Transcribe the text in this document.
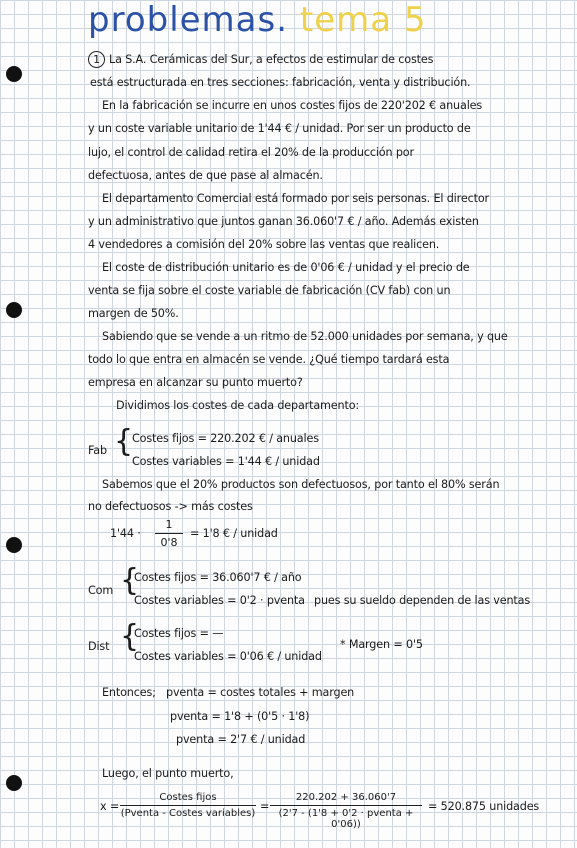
problemas. tema 5
1 La S.A. Cerámicas del Sur, a efectos de estimular de costes
está estructurada en tres secciones: fabricación, venta y distribución.
En la fabricación se incurre en unos costes fijos de 220'202 € anuales
y un coste variable unitario de 1'44 € / unidad. Por ser un producto de
lujo, el control de calidad retira el 20% de la producción por
defectuosa, antes de que pase al almacén.
El departamento Comercial está formado por seis personas. El director
y un administrativo que juntos ganan 36.060'7 € / año. Además existen
4 vendedores a comisión del 20% sobre las ventas que realicen.
El coste de distribución unitario es de 0'06 € / unidad y el precio de
venta se fija sobre el coste variable de fabricación (CV fab) con un
margen de 50%.
Sabiendo que se vende a un ritmo de 52.000 unidades por semana, y que
todo lo que entra en almacén se vende. ¿Qué tiempo tardará esta
empresa en alcanzar su punto muerto?
Dividimos los costes de cada departamento:
Fab {
Costes fijos = 220.202 € / anuales
Costes variables = 1'44 € / unidad
Sabemos que el 20% productos son defectuosos, por tanto el 80% serán
no defectuosos -> más costes
$1'44 \cdot \frac{1}{0'8} = 1'8$ € / unidad
Com {
Costes fijos = 36.060'7 € / año
Costes variables = 0'2 · pventa pues su sueldo dependen de las ventas
Dist {
Costes fijos = —
Costes variables = 0'06 € / unidad
* Margen = 0'5
Entonces; pventa = costes totales + margen
pventa = 1'8 + (0'5 · 1'8)
pventa = 2'7 € / unidad
Luego, el punto muerto,
x =
Costes fijos
(Pventa - Costes variables)
=
220.202 + 36.060'7
(2'7 - (1'8 + 0'2 · pventa + 0'06))
= 520.875 unidades
